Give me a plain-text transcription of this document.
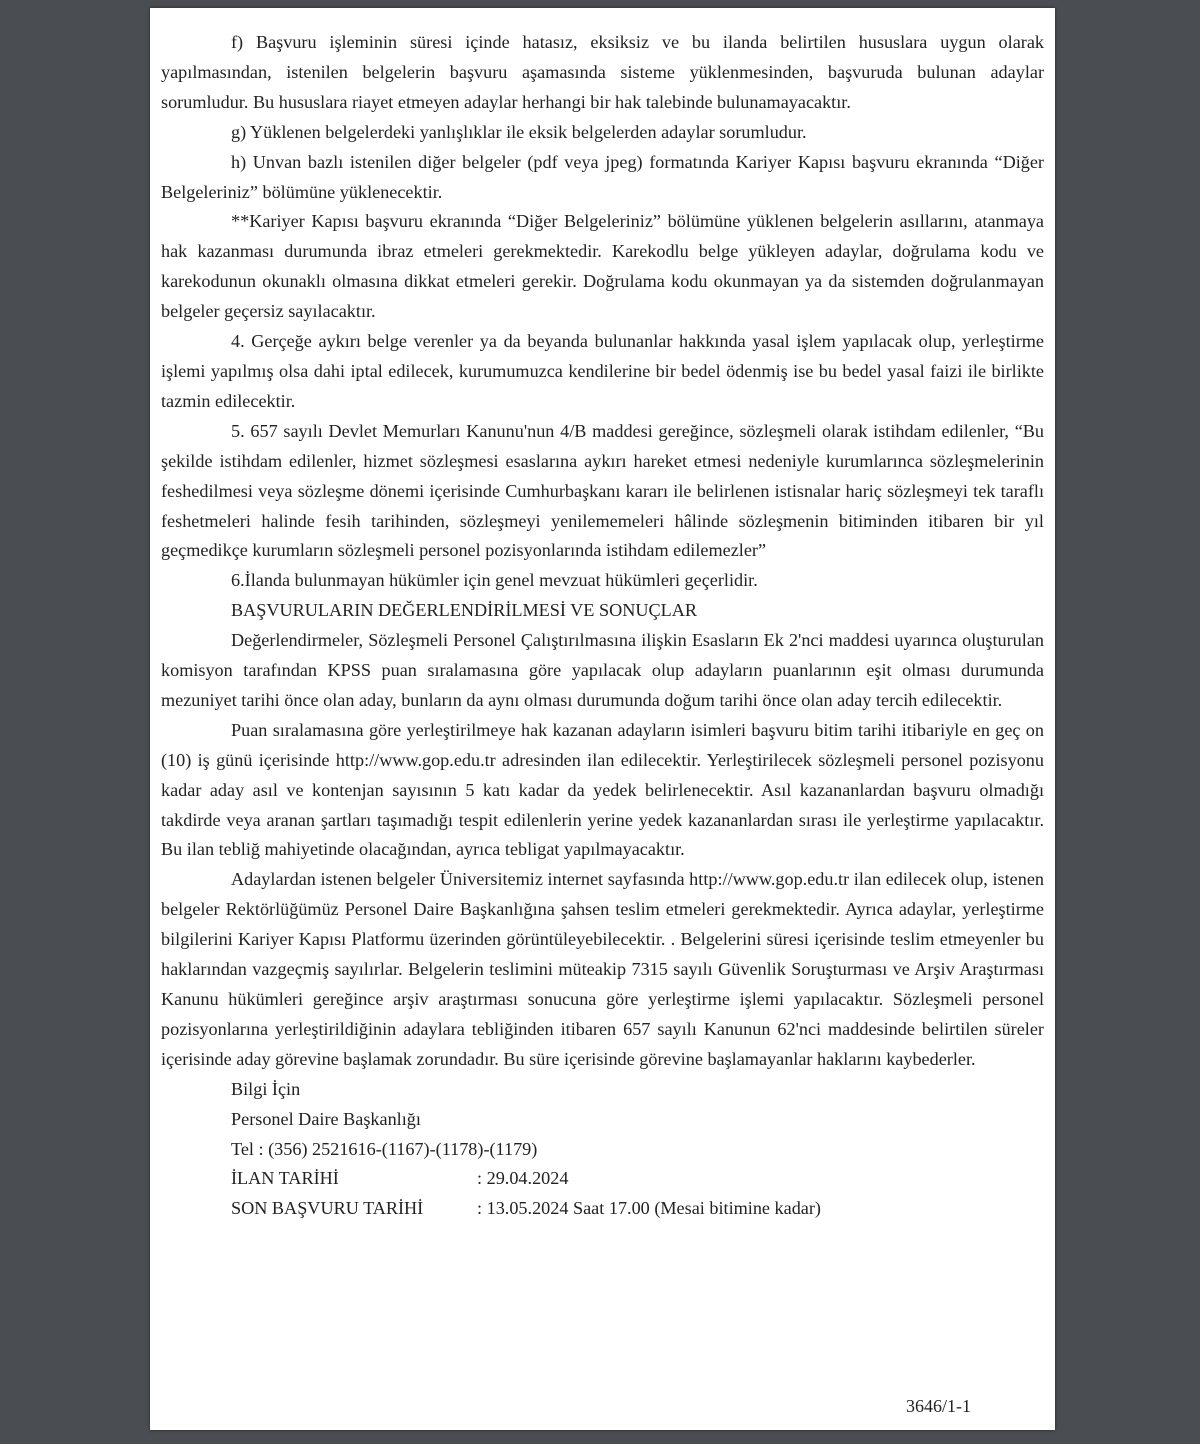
f) Başvuru işleminin süresi içinde hatasız, eksiksiz ve bu ilanda belirtilen hususlara uygun olarak yapılmasından, istenilen belgelerin başvuru aşamasında sisteme yüklenmesinden, başvuruda bulunan adaylar sorumludur. Bu hususlara riayet etmeyen adaylar herhangi bir hak talebinde bulunamayacaktır.

g) Yüklenen belgelerdeki yanlışlıklar ile eksik belgelerden adaylar sorumludur.

h) Unvan bazlı istenilen diğer belgeler (pdf veya jpeg) formatında Kariyer Kapısı başvuru ekranında “Diğer Belgeleriniz” bölümüne yüklenecektir.

**Kariyer Kapısı başvuru ekranında “Diğer Belgeleriniz” bölümüne yüklenen belgelerin asıllarını, atanmaya hak kazanması durumunda ibraz etmeleri gerekmektedir. Karekodlu belge yükleyen adaylar, doğrulama kodu ve karekodunun okunaklı olmasına dikkat etmeleri gerekir. Doğrulama kodu okunmayan ya da sistemden doğrulanmayan belgeler geçersiz sayılacaktır.

4. Gerçeğe aykırı belge verenler ya da beyanda bulunanlar hakkında yasal işlem yapılacak olup, yerleştirme işlemi yapılmış olsa dahi iptal edilecek, kurumumuzca kendilerine bir bedel ödenmiş ise bu bedel yasal faizi ile birlikte tazmin edilecektir.

5. 657 sayılı Devlet Memurları Kanunu'nun 4/B maddesi gereğince, sözleşmeli olarak istihdam edilenler, “Bu şekilde istihdam edilenler, hizmet sözleşmesi esaslarına aykırı hareket etmesi nedeniyle kurumlarınca sözleşmelerinin feshedilmesi veya sözleşme dönemi içerisinde Cumhurbaşkanı kararı ile belirlenen istisnalar hariç sözleşmeyi tek taraflı feshetmeleri halinde fesih tarihinden, sözleşmeyi yenilememeleri hâlinde sözleşmenin bitiminden itibaren bir yıl geçmedikçe kurumların sözleşmeli personel pozisyonlarında istihdam edilemezler”

6.İlanda bulunmayan hükümler için genel mevzuat hükümleri geçerlidir.

BAŞVURULARIN DEĞERLENDİRİLMESİ VE SONUÇLAR

Değerlendirmeler, Sözleşmeli Personel Çalıştırılmasına ilişkin Esasların Ek 2'nci maddesi uyarınca oluşturulan komisyon tarafından KPSS puan sıralamasına göre yapılacak olup adayların puanlarının eşit olması durumunda mezuniyet tarihi önce olan aday, bunların da aynı olması durumunda doğum tarihi önce olan aday tercih edilecektir.

Puan sıralamasına göre yerleştirilmeye hak kazanan adayların isimleri başvuru bitim tarihi itibariyle en geç on (10) iş günü içerisinde http://www.gop.edu.tr adresinden ilan edilecektir. Yerleştirilecek sözleşmeli personel pozisyonu kadar aday asıl ve kontenjan sayısının 5 katı kadar da yedek belirlenecektir. Asıl kazananlardan başvuru olmadığı takdirde veya aranan şartları taşımadığı tespit edilenlerin yerine yedek kazananlardan sırası ile yerleştirme yapılacaktır. Bu ilan tebliğ mahiyetinde olacağından, ayrıca tebligat yapılmayacaktır.

Adaylardan istenen belgeler Üniversitemiz internet sayfasında http://www.gop.edu.tr ilan edilecek olup, istenen belgeler Rektörlüğümüz Personel Daire Başkanlığına şahsen teslim etmeleri gerekmektedir. Ayrıca adaylar, yerleştirme bilgilerini Kariyer Kapısı Platformu üzerinden görüntüleyebilecektir. . Belgelerini süresi içerisinde teslim etmeyenler bu haklarından vazgeçmiş sayılırlar. Belgelerin teslimini müteakip 7315 sayılı Güvenlik Soruşturması ve Arşiv Araştırması Kanunu hükümleri gereğince arşiv araştırması sonucuna göre yerleştirme işlemi yapılacaktır. Sözleşmeli personel pozisyonlarına yerleştirildiğinin adaylara tebliğinden itibaren 657 sayılı Kanunun 62'nci maddesinde belirtilen süreler içerisinde aday görevine başlamak zorundadır. Bu süre içerisinde görevine başlamayanlar haklarını kaybederler.

Bilgi İçin

Personel Daire Başkanlığı

Tel : (356) 2521616-(1167)-(1178)-(1179)

İLAN TARİHİ	: 29.04.2024

SON BAŞVURU TARİHİ	: 13.05.2024 Saat 17.00 (Mesai bitimine kadar)

3646/1-1
